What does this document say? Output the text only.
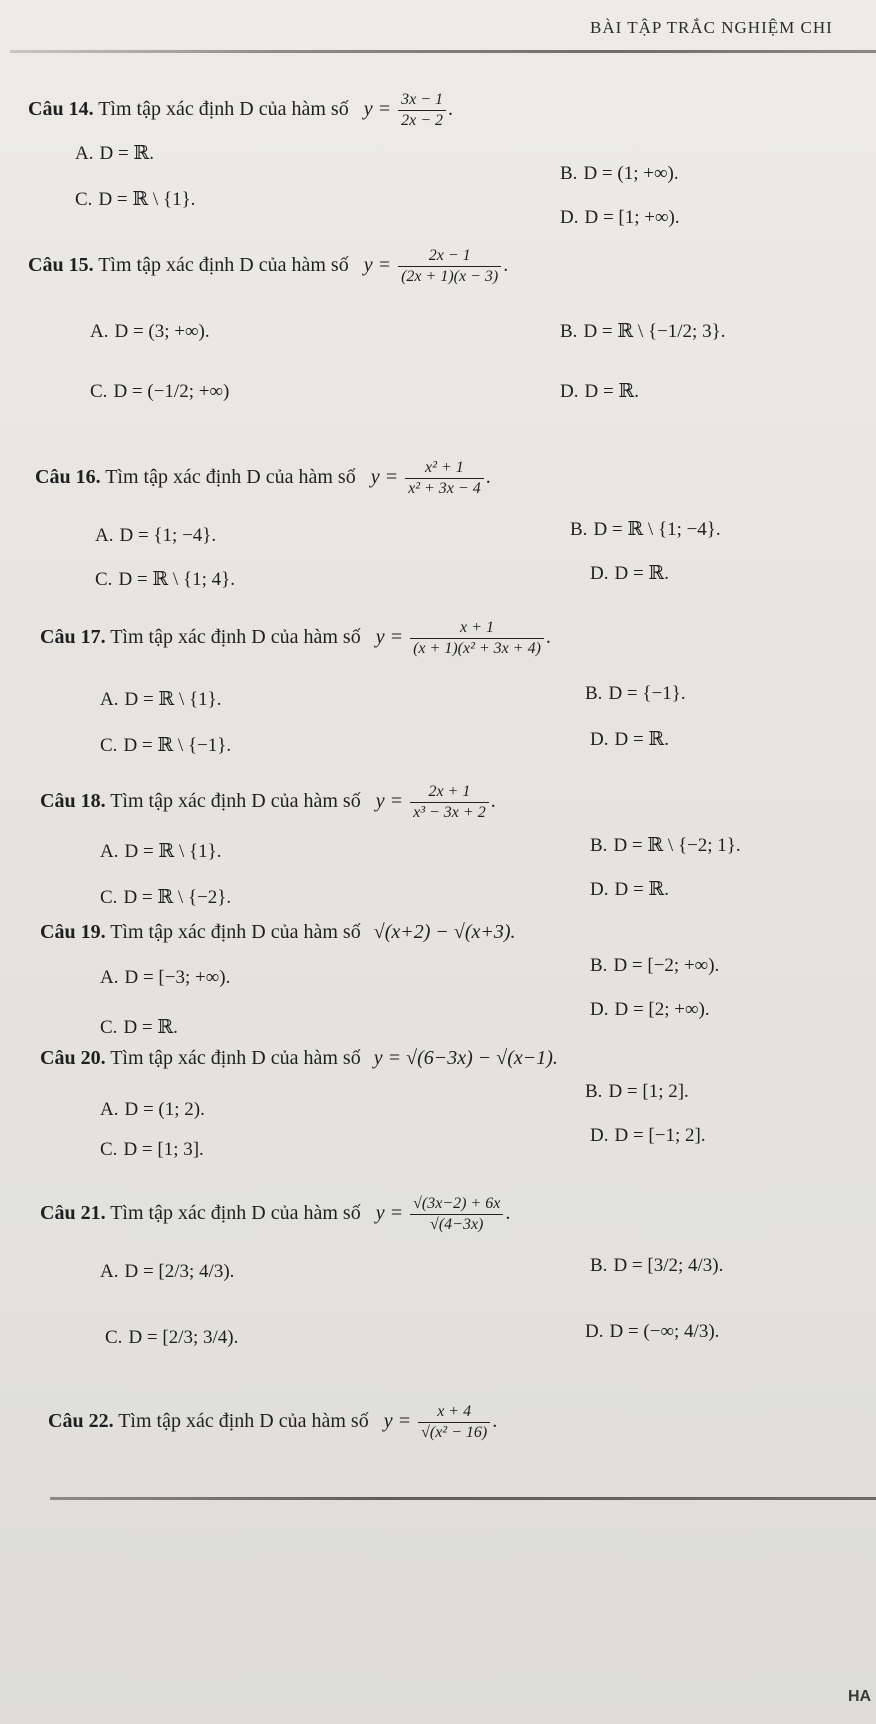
BÀI TẬP TRẮC NGHIỆM CHI
Câu 14. Tìm tập xác định D của hàm số $y = \frac{3x - 1}{2x - 2}$ .
A. D = ℝ.
B. D = (1; +∞).
C. D = ℝ \ {1}.
D. D = [1; +∞).
Câu 15. Tìm tập xác định D của hàm số $y = \frac{2x - 1}{(2x + 1)(x - 3)}$ .
A. D = (3; +∞).	B. D = ℝ \ {−1/2; 3}.
C. D = (−1/2; +∞)	D. D = ℝ.
Câu 16. Tìm tập xác định D của hàm số $y = \frac{\text{x² + 1}}{\text{x² + 3x − 4}}$ .
A. D = {1; −4}.	B. D = ℝ \ {1; −4}.
C. D = ℝ \ {1; 4}.	D. D = ℝ.
Câu 17. Tìm tập xác định D của hàm số $y = \frac{x + 1}{\text{(x + 1)(x² + 3x + 4)}}$ .
A. D = ℝ \ {1}.	B. D = {−1}.
C. D = ℝ \ {−1}.	D. D = ℝ.
Câu 18. Tìm tập xác định D của hàm số $y = \frac{2x + 1}{\text{x³ − 3x + 2}}$ .
A. D = ℝ \ {1}.	B. D = ℝ \ {−2; 1}.
C. D = ℝ \ {−2}.	D. D = ℝ.
Câu 19. Tìm tập xác định D của hàm số √(x+2) − √(x+3).
A. D = [−3; +∞).
B. D = [−2; +∞).
C. D = ℝ.
D. D = [2; +∞).
Câu 20. Tìm tập xác định D của hàm số y = √(6−3x) − √(x−1).
B. D = [1; 2].
A. D = (1; 2).
D. D = [−1; 2].
C. D = [1; 3].
Câu 21. Tìm tập xác định D của hàm số $y = \frac{√(3x-2) + 6x}{√(4-3x)}$ .
A. D = [2/3; 4/3).	B. D = [3/2; 4/3).
C. D = [2/3; 3/4).	D. D = (−∞; 4/3).
Câu 22. Tìm tập xác định D của hàm số $y = \frac{x + 4}{\text{√(x² − 16)}}$ .
HA
